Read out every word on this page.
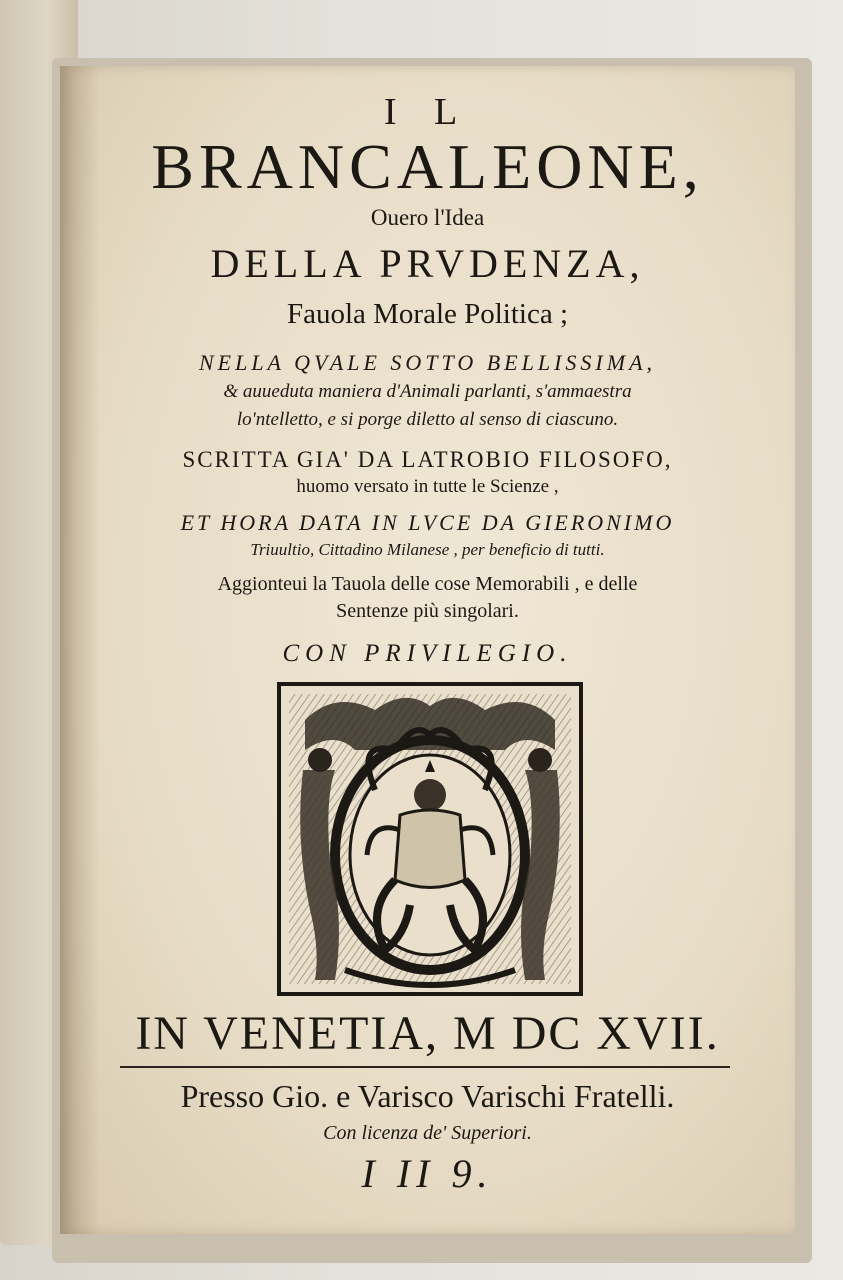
I L
BRANCALEONE,
Ouero l'Idea
DELLA PRVDENZA,
Fauola Morale Politica ;
NELLA QVALE SOTTO BELLISSIMA,
& auueduta maniera d'Animali parlanti, s'ammaestra
lo'ntelletto, e si porge diletto al senso di ciascuno.
SCRITTA GIA' DA LATROBIO FILOSOFO,
huomo versato in tutte le Scienze ,
ET HORA DATA IN LVCE DA GIERONIMO
Triuultio, Cittadino Milanese , per beneficio di tutti.
Aggionteui la Tauola delle cose Memorabili , e delle
Sentenze più singolari.
CON PRIVILEGIO.
IN VENETIA, M DC XVII.
Presso Gio. e Varisco Varischi Fratelli.
Con licenza de' Superiori.
I II 9.
